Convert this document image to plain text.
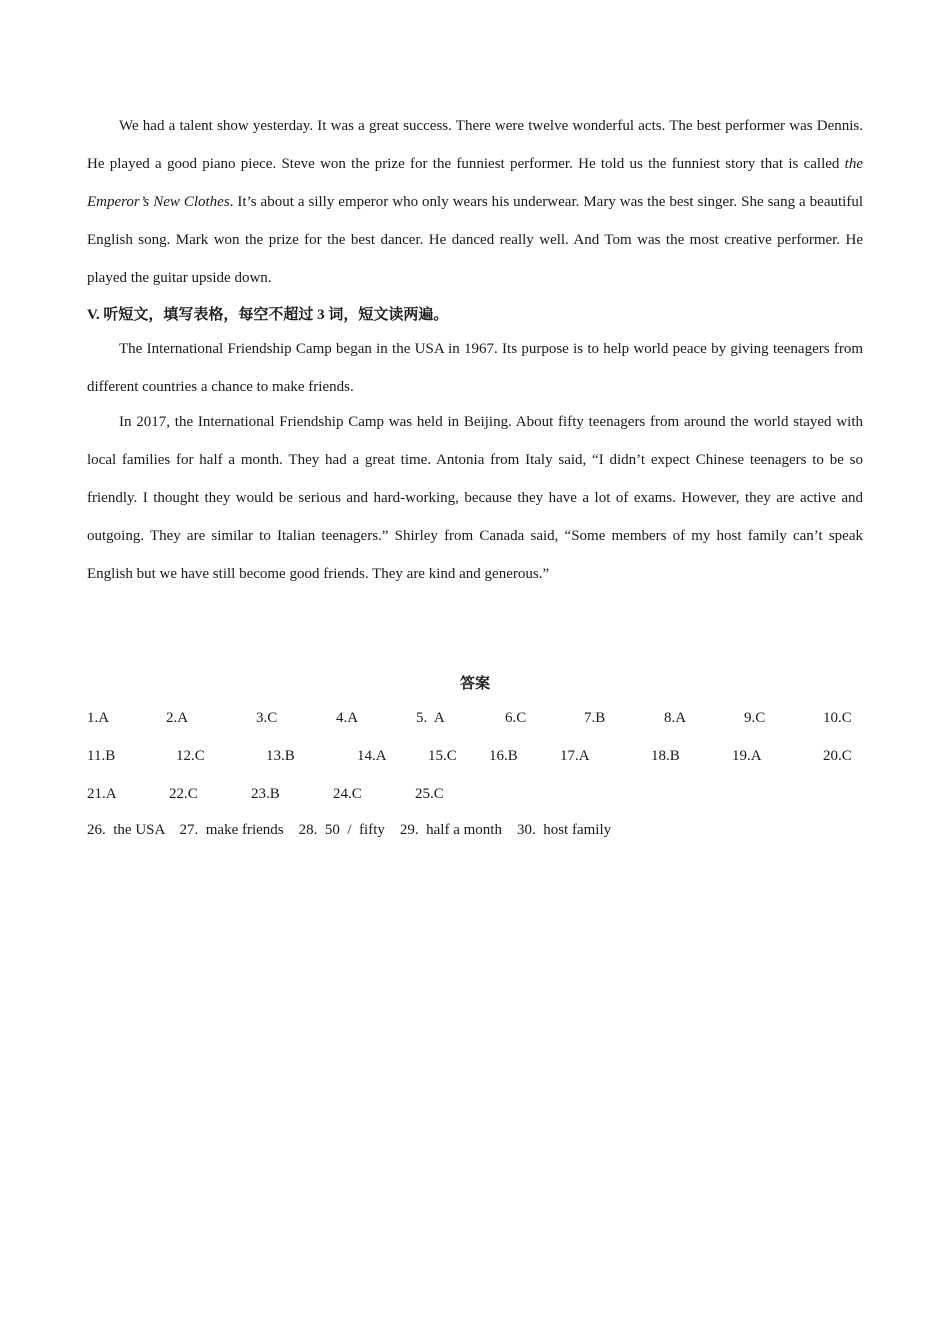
We had a talent show yesterday. It was a great success. There were twelve wonderful acts. The best performer was Dennis. He played a good piano piece. Steve won the prize for the funniest performer. He told us the funniest story that is called the Emperor’s New Clothes. It’s about a silly emperor who only wears his underwear. Mary was the best singer. She sang a beautiful English song. Mark won the prize for the best dancer. He danced really well. And Tom was the most creative performer. He played the guitar upside down.

V. 听短文，填写表格，每空不超过 3 词，短文读两遍。

The International Friendship Camp began in the USA in 1967. Its purpose is to help world peace by giving teenagers from different countries a chance to make friends.

In 2017, the International Friendship Camp was held in Beijing. About fifty teenagers from around the world stayed with local families for half a month. They had a great time. Antonia from Italy said, “I didn’t expect Chinese teenagers to be so friendly. I thought they would be serious and hard-working, because they have a lot of exams. However, they are active and outgoing. They are similar to Italian teenagers.” Shirley from Canada said, “Some members of my host family can’t speak English but we have still become good friends. They are kind and generous.”

答案
1.A	2.A	3.C	4.A	5.  A	6.C	7.B	8.A	9.C	10.C
11.B	12.C	13.B	14.A	15.C 16.B	17.A	18.B	19.A	20.C
21.A	22.C	23.B	24.C	25.C
26.  the USA    27.  make friends    28.  50  /  fifty    29.  half a month    30.  host family
